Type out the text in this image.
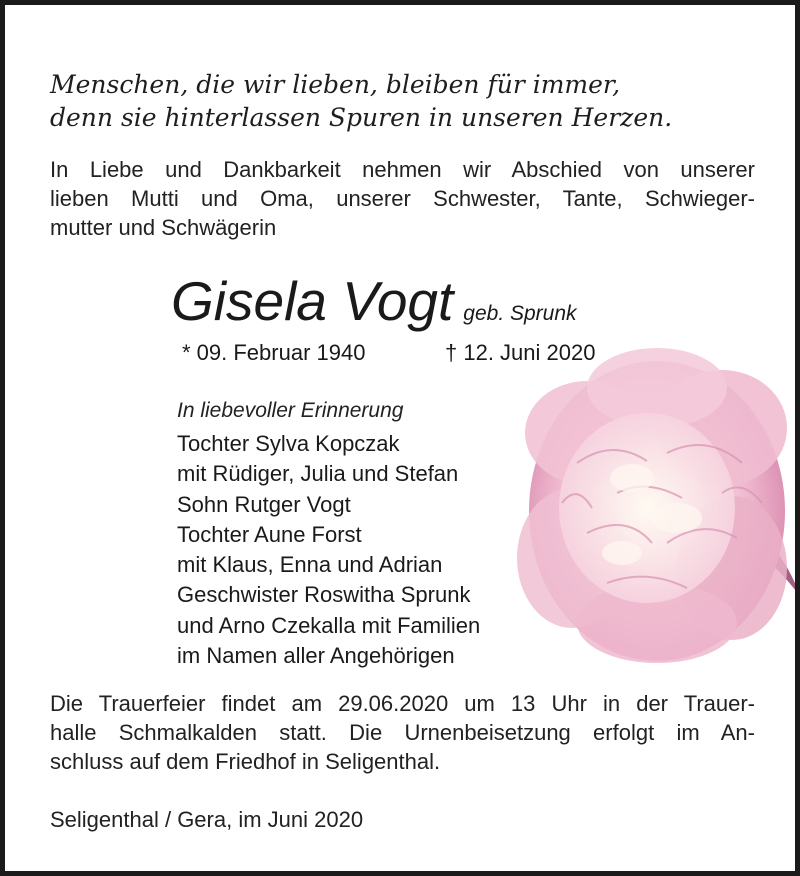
Menschen, die wir lieben, bleiben für immer,
denn sie hinterlassen Spuren in unseren Herzen.
In Liebe und Dankbarkeit nehmen wir Abschied von unserer
lieben Mutti und Oma, unserer Schwester, Tante, Schwieger-
mutter und Schwägerin
Gisela Vogt geb. Sprunk
* 09. Februar 1940	† 12. Juni 2020
In liebevoller Erinnerung
Tochter Sylva Kopczak
mit Rüdiger, Julia und Stefan
Sohn Rutger Vogt
Tochter Aune Forst
mit Klaus, Enna und Adrian
Geschwister Roswitha Sprunk
und Arno Czekalla mit Familien
im Namen aller Angehörigen
Die Trauerfeier findet am 29.06.2020 um 13 Uhr in der Trauer-
halle Schmalkalden statt. Die Urnenbeisetzung erfolgt im An-
schluss auf dem Friedhof in Seligenthal.
Seligenthal / Gera, im Juni 2020
